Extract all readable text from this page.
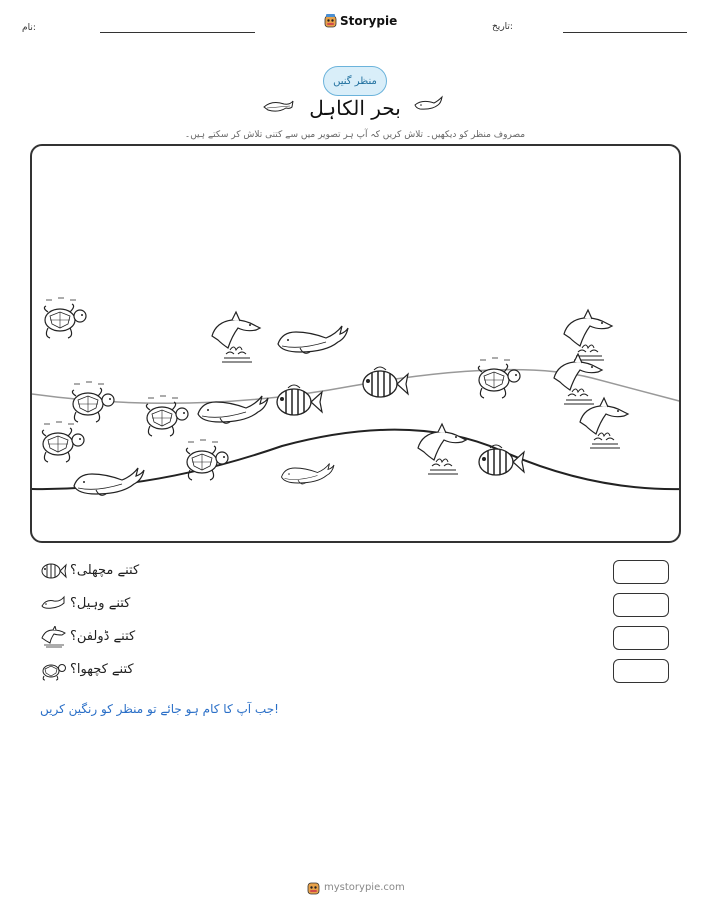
نام:
Storypie	تاریخ:
منظر گنیں
بحر الکاہل
مصروف منظر کو دیکھیں۔ تلاش کریں کہ آپ ہر تصویر میں سے کتنی تلاش کر سکتے ہیں۔
کتنے مچھلی؟
کتنے وہیل؟
کتنے ڈولفن؟
کتنے کچھوا؟
جب آپ کا کام ہو جائے تو منظر کو رنگین کریں!
mystorypie.com
